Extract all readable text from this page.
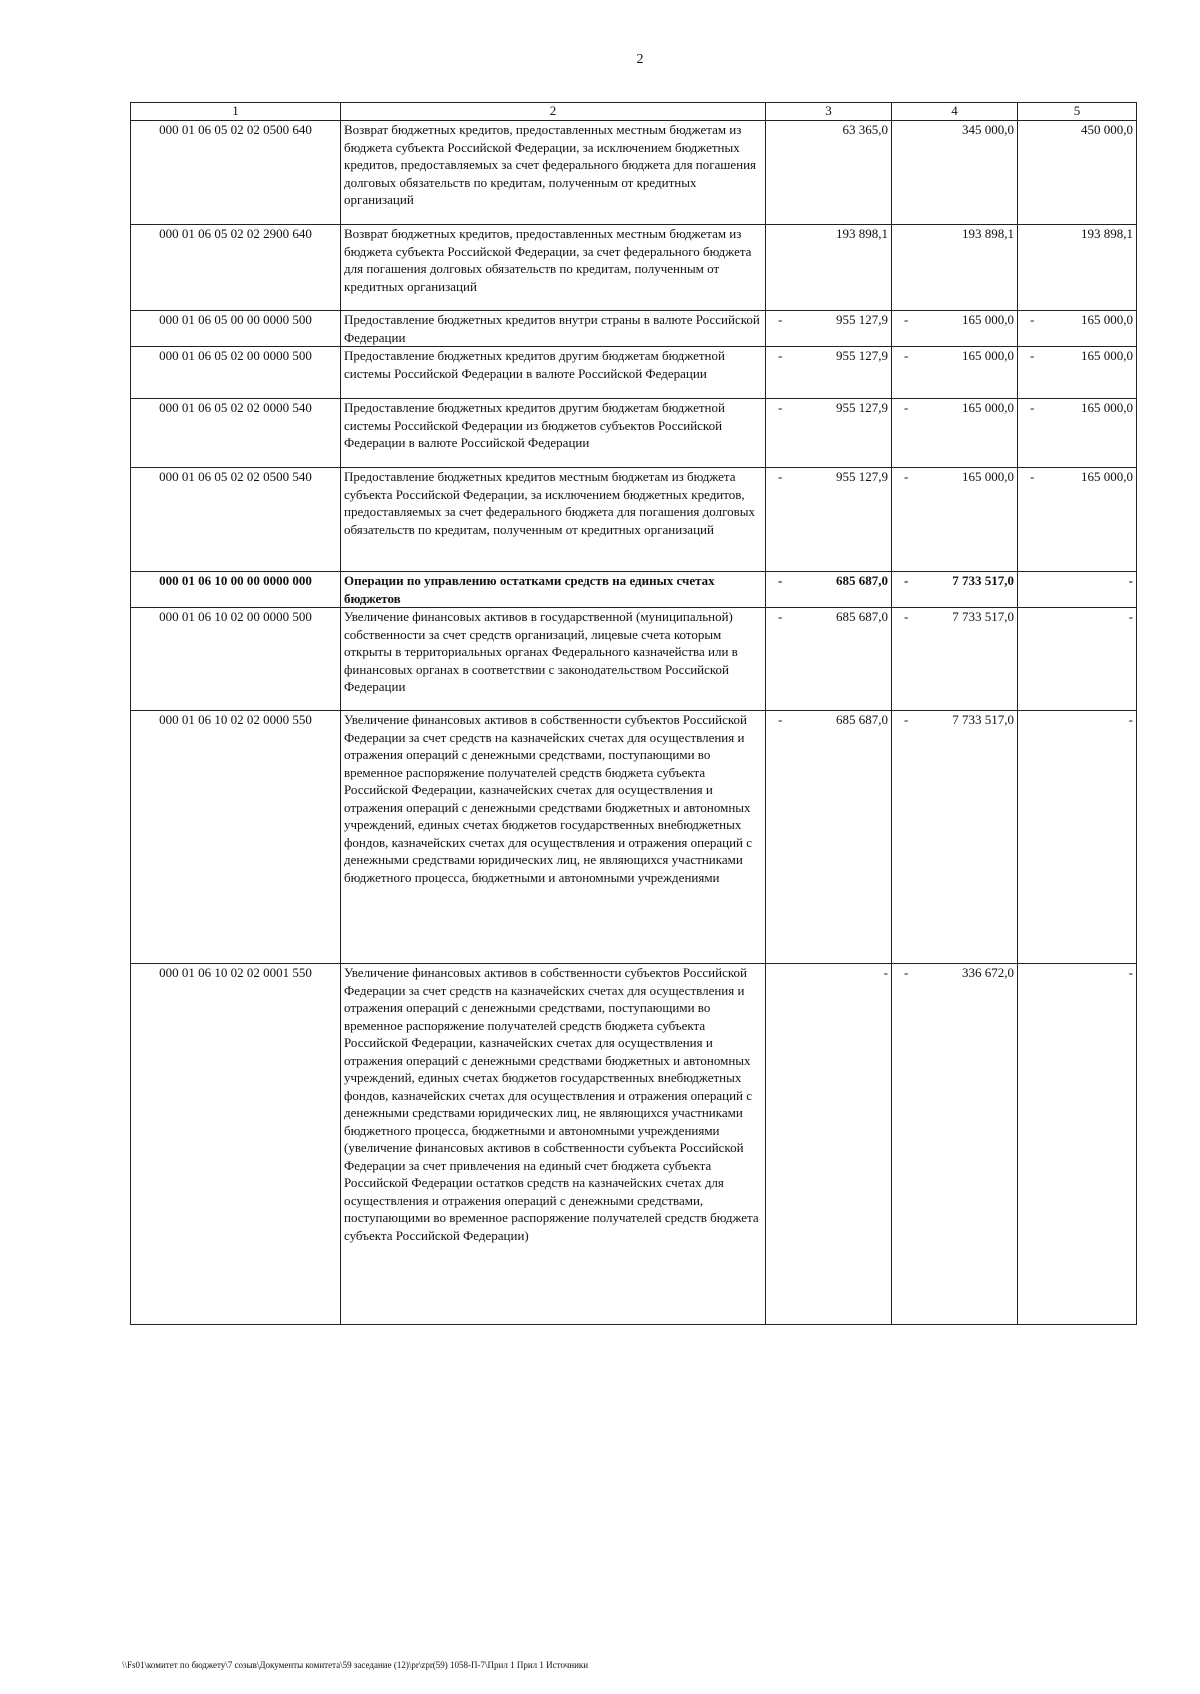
2
1	2	3	4	5
000 01 06 05 02 02 0500 640	Возврат бюджетных кредитов, предоставленных местным бюджетам из бюджета субъекта Российской Федерации, за исключением бюджетных кредитов, предоставляемых за счет федерального бюджета для погашения долговых обязательств по кредитам, полученным от кредитных организаций	63 365,0	345 000,0	450 000,0
000 01 06 05 02 02 2900 640	Возврат бюджетных кредитов, предоставленных местным бюджетам из бюджета субъекта Российской Федерации, за счет федерального бюджета для погашения долговых обязательств по кредитам, полученным от кредитных организаций	193 898,1	193 898,1	193 898,1
000 01 06 05 00 00 0000 500	Предоставление бюджетных кредитов внутри страны в валюте Российской Федерации	- 955 127,9	- 165 000,0	- 165 000,0
000 01 06 05 02 00 0000 500	Предоставление бюджетных кредитов другим бюджетам бюджетной системы Российской Федерации в валюте Российской Федерации	- 955 127,9	- 165 000,0	- 165 000,0
000 01 06 05 02 02 0000 540	Предоставление бюджетных кредитов другим бюджетам бюджетной системы Российской Федерации из бюджетов субъектов Российской Федерации в валюте Российской Федерации	- 955 127,9	- 165 000,0	- 165 000,0
000 01 06 05 02 02 0500 540	Предоставление бюджетных кредитов местным бюджетам из бюджета субъекта Российской Федерации, за исключением бюджетных кредитов, предоставляемых за счет федерального бюджета для погашения долговых обязательств по кредитам, полученным от кредитных организаций	- 955 127,9	- 165 000,0	- 165 000,0
000 01 06 10 00 00 0000 000	Операции по управлению остатками средств на единых счетах бюджетов	- 685 687,0	- 7 733 517,0	-
000 01 06 10 02 00 0000 500	Увеличение финансовых активов в государственной (муниципальной) собственности за счет средств организаций, лицевые счета которым открыты в территориальных органах Федерального казначейства или в финансовых органах в соответствии с законодательством Российской Федерации	- 685 687,0	- 7 733 517,0	-
000 01 06 10 02 02 0000 550	Увеличение финансовых активов в собственности субъектов Российской Федерации за счет средств на казначейских счетах для осуществления и отражения операций с денежными средствами, поступающими во временное распоряжение получателей средств бюджета субъекта Российской Федерации, казначейских счетах для осуществления и отражения операций с денежными средствами бюджетных и автономных учреждений, единых счетах бюджетов государственных внебюджетных фондов, казначейских счетах для осуществления и отражения операций с денежными средствами юридических лиц, не являющихся участниками бюджетного процесса, бюджетными и автономными учреждениями	- 685 687,0	- 7 733 517,0	-
000 01 06 10 02 02 0001 550	Увеличение финансовых активов в собственности субъектов Российской Федерации за счет средств на казначейских счетах для осуществления и отражения операций с денежными средствами, поступающими во временное распоряжение получателей средств бюджета субъекта Российской Федерации, казначейских счетах для осуществления и отражения операций с денежными средствами бюджетных и автономных учреждений, единых счетах бюджетов государственных внебюджетных фондов, казначейских счетах для осуществления и отражения операций с денежными средствами юридических лиц, не являющихся участниками бюджетного процесса, бюджетными и автономными учреждениями (увеличение финансовых активов в собственности субъекта Российской Федерации за счет привлечения на единый счет бюджета субъекта Российской Федерации остатков средств на казначейских счетах для осуществления и отражения операций с денежными средствами, поступающими во временное распоряжение получателей средств бюджета субъекта Российской Федерации)	-	- 336 672,0	-
\\Fs01\комитет по бюджету\7 созыв\Документы комитета\59 заседание (12)\pr\zpr(59) 1058-П-7\Прил 1 Прил 1 Источники
